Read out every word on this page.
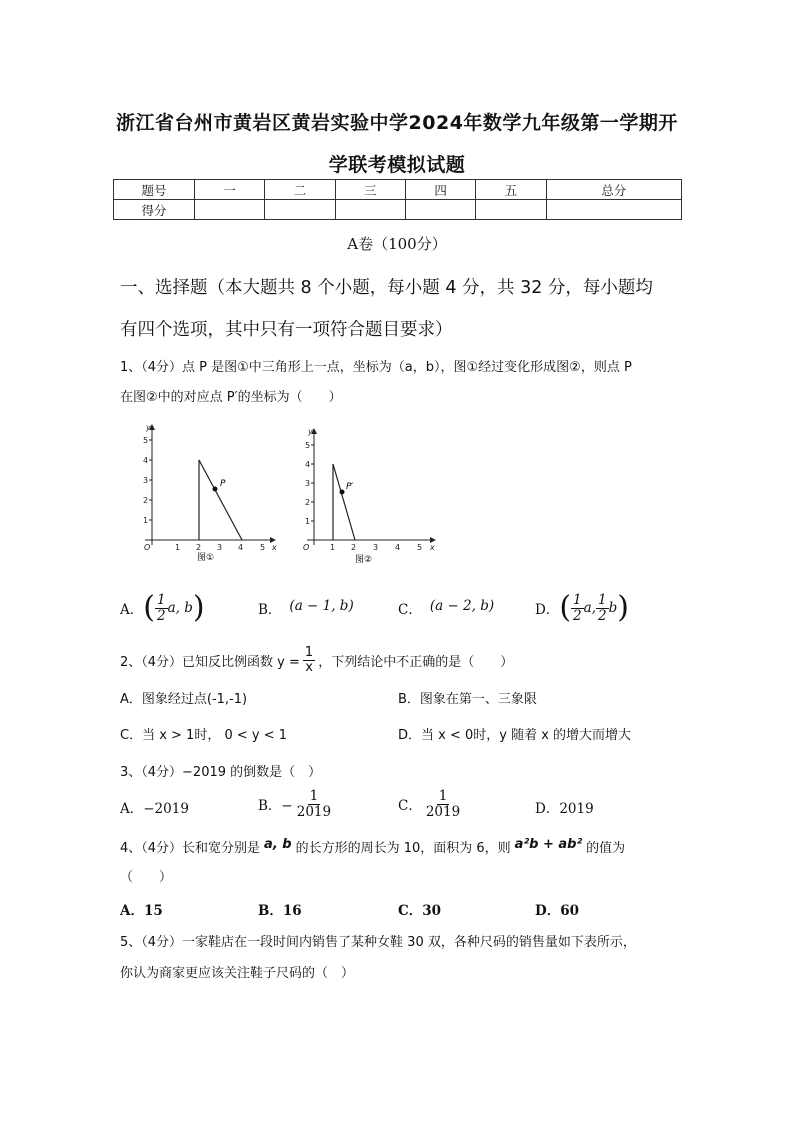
浙江省台州市黄岩区黄岩实验中学2024年数学九年级第一学期开
学联考模拟试题
题号	一	二	三	四	五	总分
得分						
A卷（100分）
一、选择题（本大题共 8 个小题，每小题 4 分，共 32 分，每小题均
有四个选项，其中只有一项符合题目要求）
1、（4分）点 P 是图①中三角形上一点，坐标为（a，b），图①经过变化形成图②，则点 P
在图②中的对应点 P′的坐标为（　　）
1
2
3
4
5
1 2 3 4 5
y
x
O
P
图①
1
2
3
4
5
1 2 3 4 5
y
x
O
P′
图②
A． ( $\frac{1}{2} a$, b )	B． (a − 1, b)	C． (a − 2, b)	D． ( $\frac{1}{2} a$, $\frac{1}{2}$ b )
2、（4分）已知反比例函数 $y = \frac{1}{x}$ ，下列结论中不正确的是（　　）
A．图象经过点(-1,-1)	B．图象在第一、三象限
C．当 x > 1时， 0 < y < 1	D．当 x < 0时，y 随着 x 的增大而增大
3、（4分）−2019 的倒数是（　）
A．−2019	B．− $\frac{1}{2019}$	C． $\frac{1}{2019}$	D．2019
4、（4分）长和宽分别是 a, b 的长方形的周长为 10，面积为 6，则 a²b + ab² 的值为
（　　）
A．15	B．16	C．30	D．60
5、（4分）一家鞋店在一段时间内销售了某种女鞋 30 双，各种尺码的销售量如下表所示，
你认为商家更应该关注鞋子尺码的（　）
